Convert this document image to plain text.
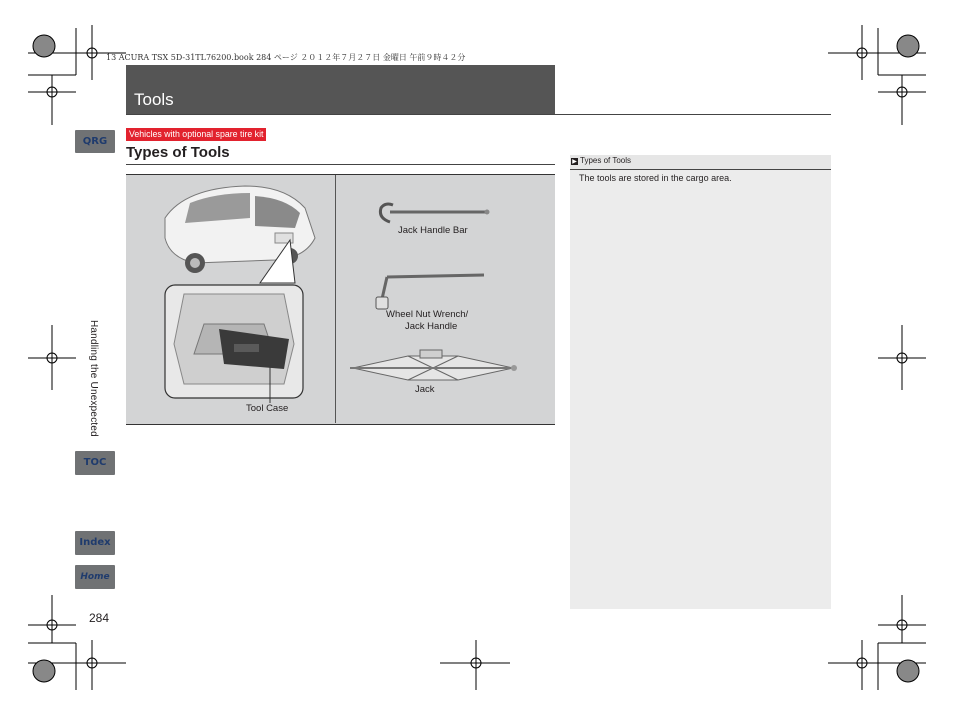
13 ACURA TSX 5D-31TL76200.book 284 ページ ２０１２年７月２７日 金曜日 午前９時４２分
Tools
QRG
Handling the Unexpected
TOC
Index
Home
Vehicles with optional spare tire kit
Types of Tools
Tool Case
Jack Handle Bar
Wheel Nut Wrench/
Jack Handle
Jack
▶ Types of Tools
The tools are stored in the cargo area.
284
